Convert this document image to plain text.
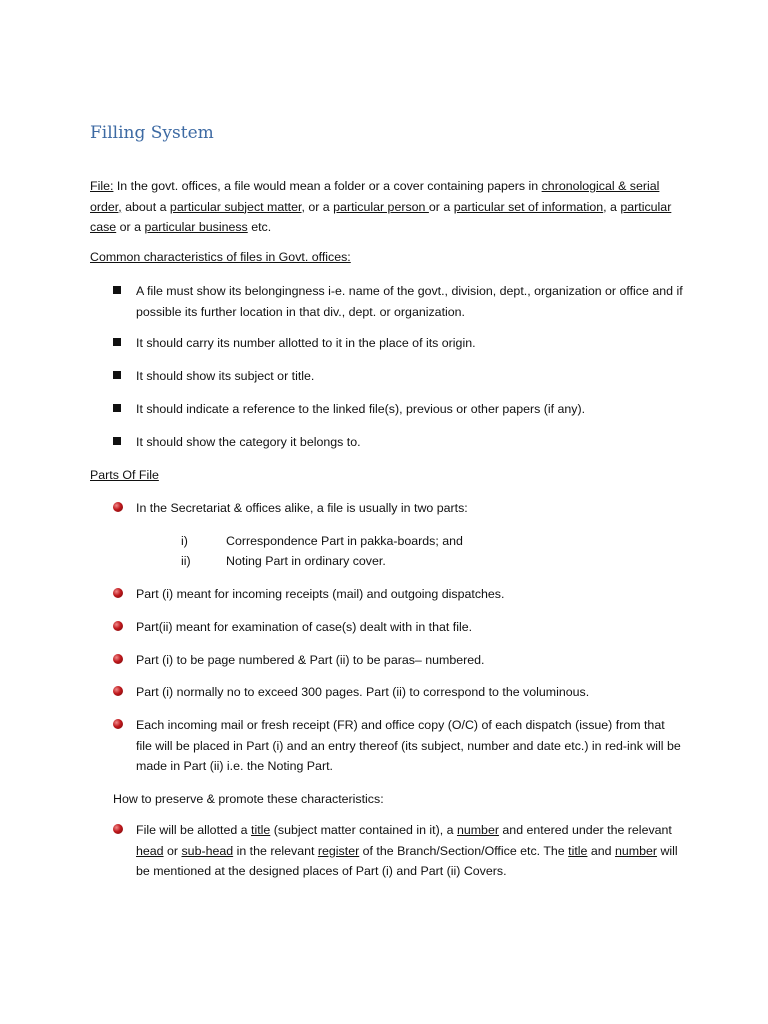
Filling System

File: In the govt. offices, a file would mean a folder or a cover containing papers in chronological & serial order, about a particular subject matter, or a particular person or a particular set of information, a particular case or a particular business etc.

Common characteristics of files in Govt. offices:

A file must show its belongingness i-e. name of the govt., division, dept., organization or office and if possible its further location in that div., dept. or organization.
It should carry its number allotted to it in the place of its origin.
It should show its subject or title.
It should indicate a reference to the linked file(s), previous or other papers (if any).
It should show the category it belongs to.

Parts Of File

In the Secretariat & offices alike, a file is usually in two parts:
i)	Correspondence Part in pakka-boards; and
ii)	Noting Part in ordinary cover.
Part (i) meant for incoming receipts (mail) and outgoing dispatches.
Part(ii) meant for examination of case(s) dealt with in that file.
Part (i) to be page numbered & Part (ii) to be paras– numbered.
Part (i) normally no to exceed 300 pages. Part (ii) to correspond to the voluminous.
Each incoming mail or fresh receipt (FR) and office copy (O/C) of each dispatch (issue) from that file will be placed in Part (i) and an entry thereof (its subject, number and date etc.) in red-ink will be made in Part (ii) i.e. the Noting Part.

How to preserve & promote these characteristics:

File will be allotted a title (subject matter contained in it), a number and entered under the relevant head or sub-head in the relevant register of the Branch/Section/Office etc. The title and number will be mentioned at the designed places of Part (i) and Part (ii) Covers.
